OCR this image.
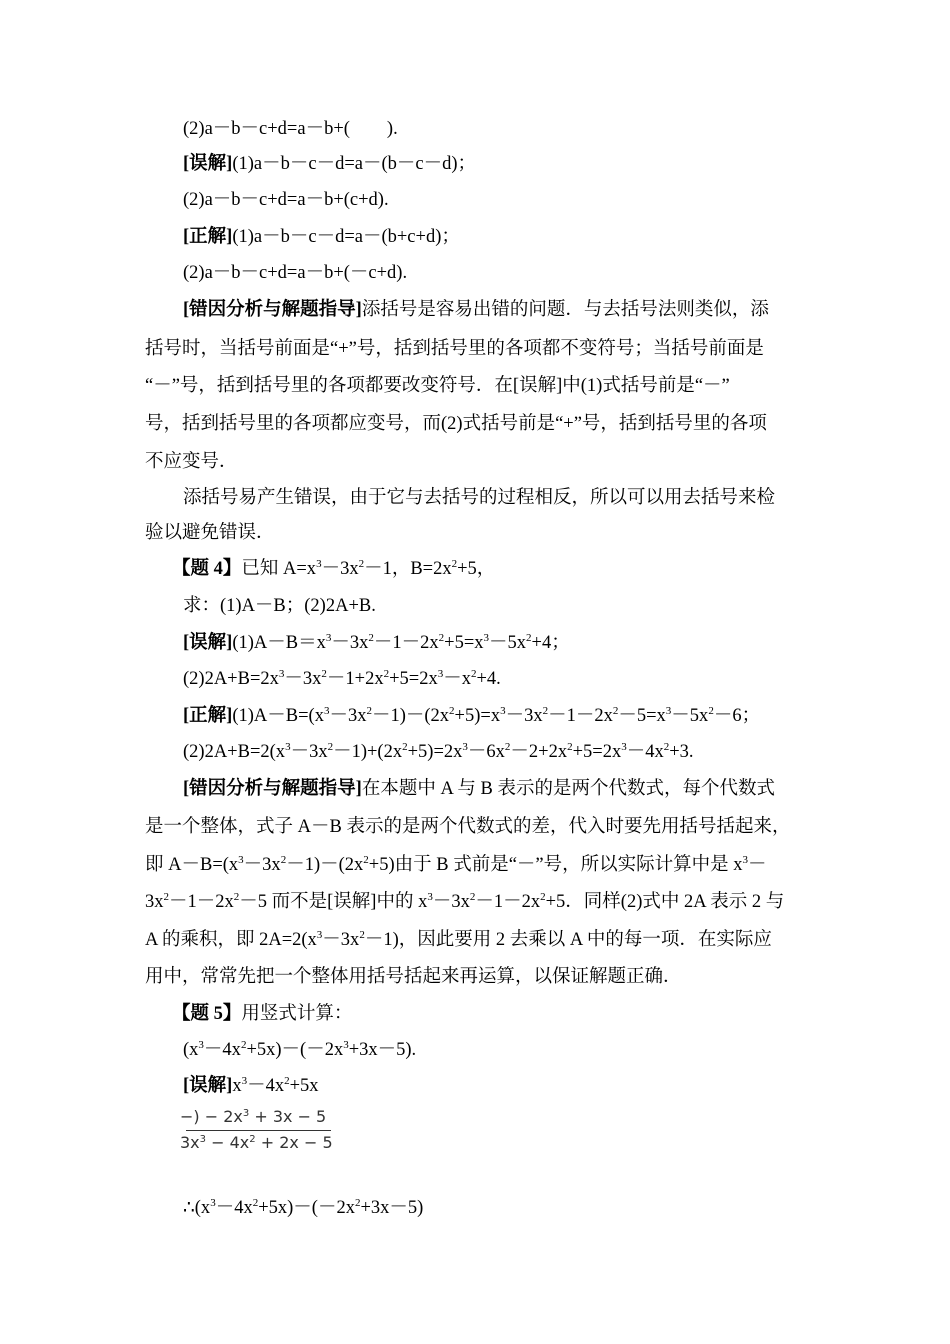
(2)a－b－c+d=a－b+(　　).
[误解](1)a－b－c－d=a－(b－c－d)；
(2)a－b－c+d=a－b+(c+d).
[正解](1)a－b－c－d=a－(b+c+d)；
(2)a－b－c+d=a－b+(－c+d).
[错因分析与解题指导]添括号是容易出错的问题．与去括号法则类似，添
括号时，当括号前面是“+”号，括到括号里的各项都不变符号；当括号前面是
“－”号，括到括号里的各项都要改变符号．在[误解]中(1)式括号前是“－”
号，括到括号里的各项都应变号，而(2)式括号前是“+”号，括到括号里的各项
不应变号．
添括号易产生错误，由于它与去括号的过程相反，所以可以用去括号来检
验以避免错误．
【题 4】已知 $A=x^3-3x^2-1$，$B=2x^2+5$，
求：(1)A－B；(2)2A+B.
[误解]$(1)A-B=x^3-3x^2-1-2x^2+5=x^3-5x^2+4$；
$(2)2A+B=2x^3-3x^2-1+2x^2+5=2x^3-x^2+4$.
[正解]$(1)A-B=(x^3-3x^2-1)-(2x^2+5)=x^3-3x^2-1-2x^2-5=x^3-5x^2-6$；
$(2)2A+B=2(x^3-3x^2-1)+(2x^2+5)=2x^3-6x^2-2+2x^2+5=2x^3-4x^2+3$.
[错因分析与解题指导]在本题中 A 与 B 表示的是两个代数式，每个代数式
是一个整体，式子 A－B 表示的是两个代数式的差，代入时要先用括号括起来，
即 $A-B=(x^3-3x^2-1)-(2x^2+5)$由于 B 式前是“－”号，所以实际计算中是 $x^3-$
$3x^2-1-2x^2-5$ 而不是[误解]中的 $x^3-3x^2-1-2x^2+5$．同样(2)式中 2A 表示 2 与
A 的乘积，即 $2A=2(x^3-3x^2-1)$，因此要用 2 去乘以 A 中的每一项．在实际应
用中，常常先把一个整体用括号括起来再运算，以保证解题正确．
【题 5】用竖式计算：
$(x^3-4x^2+5x)-(-2x^3+3x-5)$.
[误解]$x^3-4x^2+5x$
−) − $2x^3 + 3x - 5$
$3x^3 - 4x^2 + 2x - 5$
$\therefore(x^3-4x^2+5x)-(-2x^2+3x-5)$
